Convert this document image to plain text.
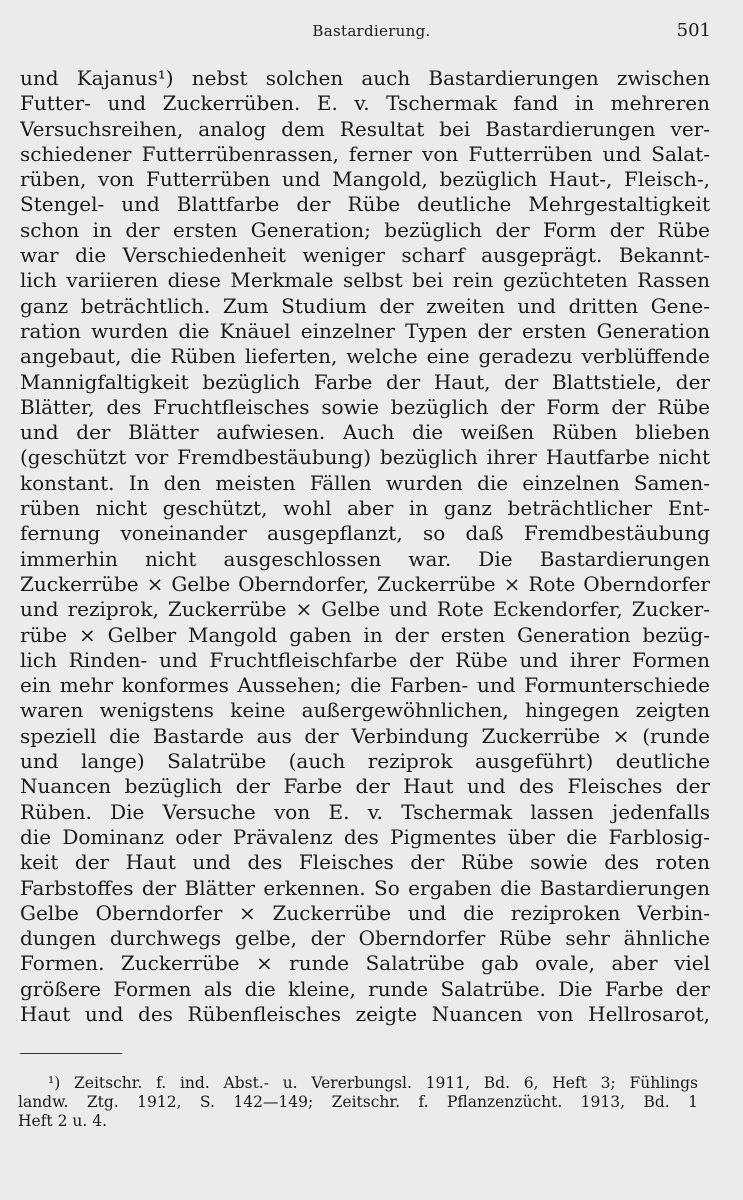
Bastardierung.	501
und Kajanus¹) nebst solchen auch Bastardierungen zwischen
Futter- und Zuckerrüben. E. v. Tschermak fand in mehreren
Versuchsreihen, analog dem Resultat bei Bastardierungen ver-
schiedener Futterrübenrassen, ferner von Futterrüben und Salat-
rüben, von Futterrüben und Mangold, bezüglich Haut-, Fleisch-,
Stengel- und Blattfarbe der Rübe deutliche Mehrgestaltigkeit
schon in der ersten Generation; bezüglich der Form der Rübe
war die Verschiedenheit weniger scharf ausgeprägt. Bekannt-
lich variieren diese Merkmale selbst bei rein gezüchteten Rassen
ganz beträchtlich. Zum Studium der zweiten und dritten Gene-
ration wurden die Knäuel einzelner Typen der ersten Generation
angebaut, die Rüben lieferten, welche eine geradezu verblüffende
Mannigfaltigkeit bezüglich Farbe der Haut, der Blattstiele, der
Blätter, des Fruchtfleisches sowie bezüglich der Form der Rübe
und der Blätter aufwiesen. Auch die weißen Rüben blieben
(geschützt vor Fremdbestäubung) bezüglich ihrer Hautfarbe nicht
konstant. In den meisten Fällen wurden die einzelnen Samen-
rüben nicht geschützt, wohl aber in ganz beträchtlicher Ent-
fernung voneinander ausgepflanzt, so daß Fremdbestäubung
immerhin nicht ausgeschlossen war. Die Bastardierungen
Zuckerrübe × Gelbe Oberndorfer, Zuckerrübe × Rote Oberndorfer
und reziprok, Zuckerrübe × Gelbe und Rote Eckendorfer, Zucker-
rübe × Gelber Mangold gaben in der ersten Generation bezüg-
lich Rinden- und Fruchtfleischfarbe der Rübe und ihrer Formen
ein mehr konformes Aussehen; die Farben- und Formunterschiede
waren wenigstens keine außergewöhnlichen, hingegen zeigten
speziell die Bastarde aus der Verbindung Zuckerrübe × (runde
und lange) Salatrübe (auch reziprok ausgeführt) deutliche
Nuancen bezüglich der Farbe der Haut und des Fleisches der
Rüben. Die Versuche von E. v. Tschermak lassen jedenfalls
die Dominanz oder Prävalenz des Pigmentes über die Farblosig-
keit der Haut und des Fleisches der Rübe sowie des roten
Farbstoffes der Blätter erkennen. So ergaben die Bastardierungen
Gelbe Oberndorfer × Zuckerrübe und die reziproken Verbin-
dungen durchwegs gelbe, der Oberndorfer Rübe sehr ähnliche
Formen. Zuckerrübe × runde Salatrübe gab ovale, aber viel
größere Formen als die kleine, runde Salatrübe. Die Farbe der
Haut und des Rübenfleisches zeigte Nuancen von Hellrosarot,
¹) Zeitschr. f. ind. Abst.- u. Vererbungsl. 1911, Bd. 6, Heft 3; Fühlings
landw. Ztg. 1912, S. 142—149; Zeitschr. f. Pflanzenzücht. 1913, Bd. 1
Heft 2 u. 4.
